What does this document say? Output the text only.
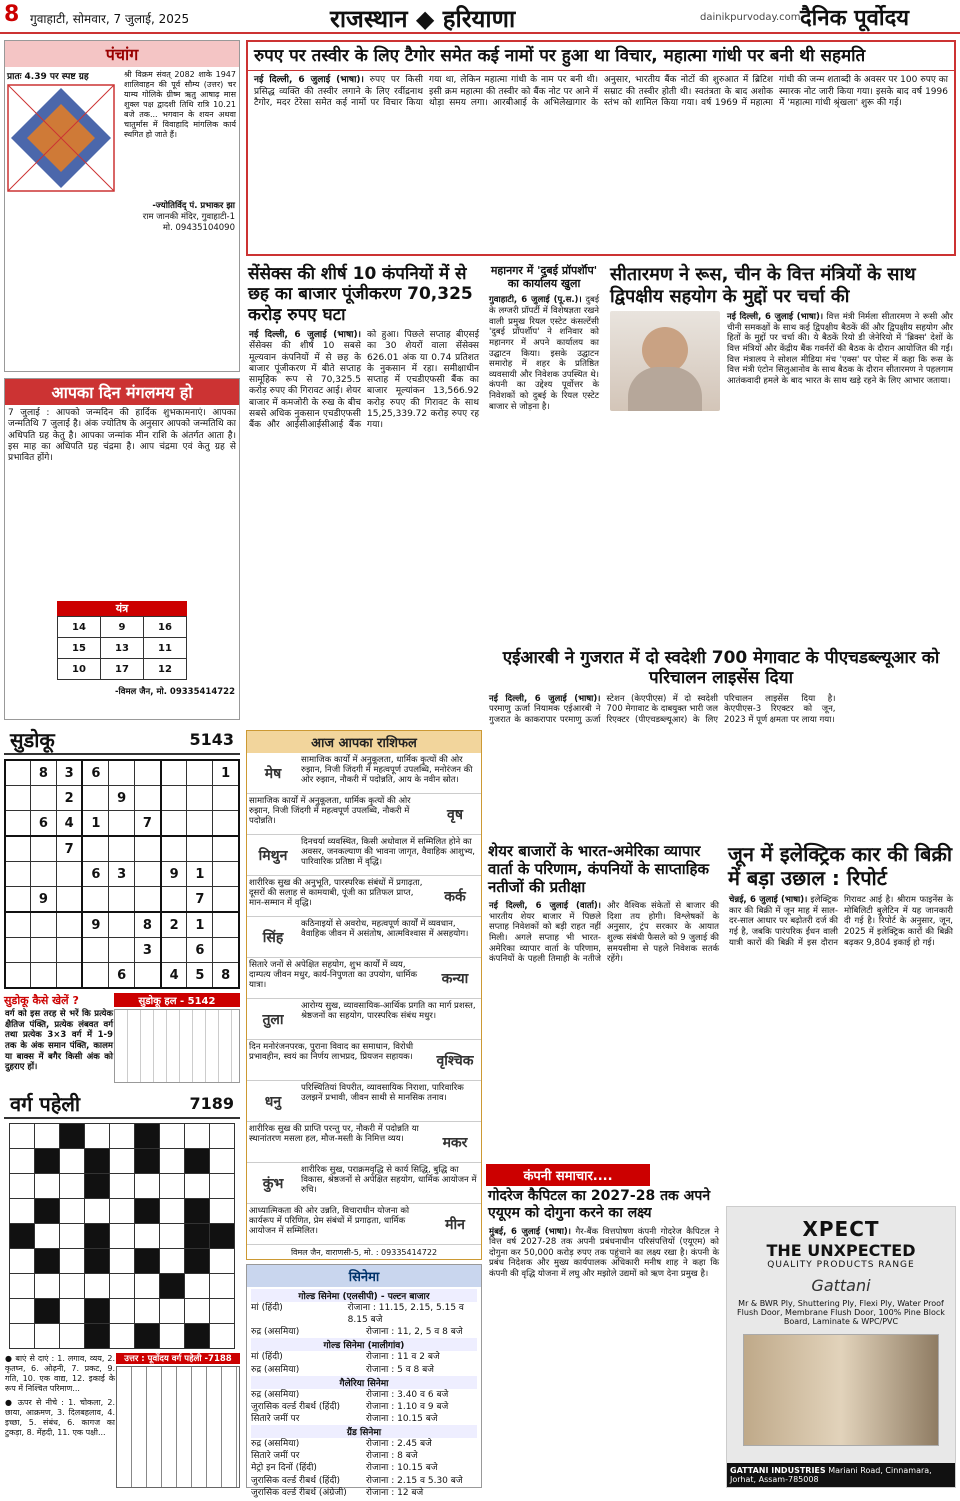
8 गुवाहाटी, सोमवार, 7 जुलाई, 2025	राजस्थान ◆ हरियाणा	dainikpurvoday.com दैनिक पूर्वोदय
पंचांग
प्रातः 4.39 पर स्पष्ट ग्रह	श्री विक्रम संवत् 2082 शाके 1947 शालिवाहन की पूर्व सौम्य (उत्तर) चर याम्य गोलिके ग्रीष्म ऋतु आषाढ़ मास शुक्ल पक्ष द्वादशी तिथि रात्रि 10.21 बजे तक... भगवान के शयन अथवा चातुर्मास में विवाहादि मांगलिक कार्य स्थगित हो जाते हैं।
-ज्योतिर्विद् पं. प्रभाकर झा
राम जानकी मंदिर, गुवाहाटी-1
मो. 09435104090
आपका दिन मंगलमय हो
7 जुलाई : आपको जन्मदिन की हार्दिक शुभकामनाएं। आपका जन्मतिथि 7 जुलाई है। अंक ज्योतिष के अनुसार आपको जन्मतिथि का अधिपति ग्रह केतु है। आपका जन्मांक मीन राशि के अंतर्गत आता है। इस माह का अधिपति ग्रह चंद्रमा है। आप चंद्रमा एवं केतु ग्रह से प्रभावित होंगे।
यंत्र
14	9	16
15	13	11
10	17	12
-विमल जैन, मो. 09335414722
सुडोकू	5143
	8	3	6					1
		2		9				
	6	4	1		7			
		7						
			6	3		9	1	
	9						7	
			9		8	2	1	
					3		6	
				6		4	5	8
सुडोकू कैसे खेलें ?
वर्ग को इस तरह से भरें कि प्रत्येक क्षैतिज पंक्ति, प्रत्येक लंबवत वर्ग तथा प्रत्येक 3×3 वर्ग में 1-9 तक के अंक समान पंक्ति, कालम या बाक्स में बगैर किसी अंक को दुहराए हों।
सुडोकू हल - 5142
वर्ग पहेली	7189

● बाएं से दाएं : 1. लगाव, व्यय, 2. कृतघ्न, 6. ओढ़नी, 7. प्रकट, 9. गति, 10. एक वाद्य, 12. इकाई के रूप में निश्चित परिमाण...
● ऊपर से नीचे : 1. चोकला, 2. छाया, आक्रमण, 3. दिलबहलाव, 4. इच्छा, 5. संबंध, 6. कागज का टुकड़ा, 8. मेंहदी, 11. एक पक्षी...
उत्तर : पूर्वोदय वर्ग पहेली -7188
रुपए पर तस्वीर के लिए टैगोर समेत कई नामों पर हुआ था विचार, महात्मा गांधी पर बनी थी सहमति
नई दिल्ली, 6 जुलाई (भाषा)। रुपए पर किसी प्रसिद्ध व्यक्ति की तस्वीर लगाने के लिए रवींद्रनाथ टैगोर, मदर टेरेसा समेत कई नामों पर विचार किया गया था, लेकिन महात्मा गांधी के नाम पर बनी थी। इसी क्रम महात्मा की तस्वीर को बैंक नोट पर आने में थोड़ा समय लगा। आरबीआई के अभिलेखागार के अनुसार, भारतीय बैंक नोटों की शुरुआत में ब्रिटिश सम्राट की तस्वीर होती थी। स्वतंत्रता के बाद अशोक स्तंभ को शामिल किया गया। वर्ष 1969 में महात्मा गांधी की जन्म शताब्दी के अवसर पर 100 रुपए का स्मारक नोट जारी किया गया। इसके बाद वर्ष 1996 में 'महात्मा गांधी श्रृंखला' शुरू की गई।
सेंसेक्स की शीर्ष 10 कंपनियों में से छह का बाजार पूंजीकरण 70,325 करोड़ रुपए घटा
नई दिल्ली, 6 जुलाई (भाषा)। सेंसेक्स की शीर्ष 10 सबसे मूल्यवान कंपनियों में से छह के बाजार पूंजीकरण में बीते सप्ताह सामूहिक रूप से 70,325.5 करोड़ रुपए की गिरावट आई। शेयर बाजार में कमजोरी के रुख के बीच सबसे अधिक नुकसान एचडीएफसी बैंक और आईसीआईसीआई बैंक को हुआ। पिछले सप्ताह बीएसई का 30 शेयरों वाला सेंसेक्स 626.01 अंक या 0.74 प्रतिशत के नुकसान में रहा। समीक्षाधीन सप्ताह में एचडीएफसी बैंक का बाजार मूल्यांकन 13,566.92 करोड़ रुपए की गिरावट के साथ 15,25,339.72 करोड़ रुपए रह गया।
महानगर में 'दुबई प्रॉपर्शॉप' का कार्यालय खुला
गुवाहाटी, 6 जुलाई (पू.स.)। दुबई के लग्जरी प्रॉपर्टी में विशेषज्ञता रखने वाली प्रमुख रियल एस्टेट कंसल्टेंसी 'दुबई प्रॉपर्शॉप' ने शनिवार को महानगर में अपने कार्यालय का उद्घाटन किया। इसके उद्घाटन समारोह में शहर के प्रतिष्ठित व्यवसायी और निवेशक उपस्थित थे। कंपनी का उद्देश्य पूर्वोत्तर के निवेशकों को दुबई के रियल एस्टेट बाजार से जोड़ना है।
सीतारमण ने रूस, चीन के वित्त मंत्रियों के साथ द्विपक्षीय सहयोग के मुद्दों पर चर्चा की
नई दिल्ली, 6 जुलाई (भाषा)। वित्त मंत्री निर्मला सीतारमण ने रूसी और चीनी समकक्षों के साथ कई द्विपक्षीय बैठकें कीं और द्विपक्षीय सहयोग और हितों के मुद्दों पर चर्चा की। ये बैठकें रियो डी जेनेरियो में 'ब्रिक्स' देशों के वित्त मंत्रियों और केंद्रीय बैंक गवर्नरों की बैठक के दौरान आयोजित की गईं। वित्त मंत्रालय ने सोशल मीडिया मंच 'एक्स' पर पोस्ट में कहा कि रूस के वित्त मंत्री एंटोन सिलुआनोव के साथ बैठक के दौरान सीतारमण ने पहलगाम आतंकवादी हमले के बाद भारत के साथ खड़े रहने के लिए आभार जताया।
आज आपका राशिफल
मेष
सामाजिक कार्यों में अनुकूलता, धार्मिक कृत्यों की ओर रुझान, निजी जिंदगी में महत्वपूर्ण उपलब्धि, मनोरंजन की ओर रुझान, नौकरी में पदोन्नति, आय के नवीन स्रोत।
सामाजिक कार्यों में अनुकूलता, धार्मिक कृत्यों की ओर रुझान, निजी जिंदगी में महत्वपूर्ण उपलब्धि, नौकरी में पदोन्नति।	वृष
मिथुन
दिनचर्या व्यवस्थित, किसी अधोवाल में सम्मिलित होने का अवसर, जनकल्याण की भावना जागृत, वैवाहिक आशुभ्य, पारिवारिक प्रतिष्ठा में वृद्धि।
शारीरिक सुख की अनुभूति, पारस्परिक संबंधों में प्रगाढ़ता, दूसरों की सलाह से कामयाबी, पूंजी का प्रतिफल प्राप्त, मान-सम्मान में वृद्धि।	कर्क
सिंह
कठिनाइयों से अवरोध, महत्वपूर्ण कार्यों में व्यवधान, वैवाहिक जीवन में असंतोष, आत्मविश्वास में असहयोग।
सितारे जनों से अपेक्षित सहयोग, शुभ कार्यों में व्यय, दाम्पत्य जीवन मधुर, कार्य-निपुणता का उपयोग, धार्मिक यात्रा।	कन्या
तुला
आरोग्य सुख, व्यावसायिक-आर्थिक प्रगति का मार्ग प्रशस्त, श्रेष्ठजनों का सहयोग, पारस्परिक संबंध मधुर।
दिन मनोरंजनपरक, पुराना विवाद का समाधान, विरोधी प्रभावहीन, स्वयं का निर्णय लाभप्रद, प्रियजन सहायक।	वृश्चिक
धनु
परिस्थितियां विपरीत, व्यावसायिक निराशा, पारिवारिक उलझनें प्रभावी, जीवन साथी से मानसिक तनाव।
शारीरिक सुख की प्राप्ति परन्तु पर, नौकरी में पदोन्नति या स्थानांतरण मसला हल, मौज-मस्ती के निमित्त व्यय।	मकर
कुंभ
शारीरिक सुख, पराक्रमवृद्धि से कार्य सिद्धि, बुद्धि का विकास, श्रेष्ठजनों से अपेक्षित सहयोग, धार्मिक आयोजन में रुचि।
आध्यात्मिकता की ओर उन्नति, विचाराधीन योजना को कार्यरूप में परिणित, प्रेम संबंधों में प्रगाढ़ता, धार्मिक आयोजन में सम्मिलित।	मीन
विमल जैन, वाराणसी-5, मो. : 09335414722
सिनेमा
गोल्ड सिनेमा (एलसीपी) - पल्टन बाजार
मां (हिंदी)	रोजाना : 11.15, 2.15, 5.15 व 8.15 बजे
रुद्र (असमिया)	रोजाना : 11, 2, 5 व 8 बजे
गोल्ड सिनेमा (मालीगांव)
मां (हिंदी)	रोजाना : 11 व 2 बजे
रुद्र (असमिया)	रोजाना : 5 व 8 बजे
गैलेरिया सिनेमा
रुद्र (असमिया)	रोजाना : 3.40 व 6 बजे
जुरासिक वर्ल्ड रीबर्थ (हिंदी)	रोजाना : 1.10 व 9 बजे
सितारे जमीं पर	रोजाना : 10.15 बजे
ग्रैंड सिनेमा
रुद्र (असमिया)	रोजाना : 2.45 बजे
सितारे जमीं पर	रोजाना : 8 बजे
मेट्रो इन दिनों (हिंदी)	रोजाना : 10.15 बजे
जुरासिक वर्ल्ड रीबर्थ (हिंदी)	रोजाना : 2.15 व 5.30 बजे
जुरासिक वर्ल्ड रीबर्थ (अंग्रेजी)	रोजाना : 12 बजे
एईआरबी ने गुजरात में दो स्वदेशी 700 मेगावाट के पीएचडब्ल्यूआर को परिचालन लाइसेंस दिया
नई दिल्ली, 6 जुलाई (भाषा)। परमाणु ऊर्जा नियामक एईआरबी ने गुजरात के काकरापार परमाणु ऊर्जा स्टेशन (केएपीएस) में दो स्वदेशी 700 मेगावाट के दाबयुक्त भारी जल रिएक्टर (पीएचडब्ल्यूआर) के लिए परिचालन लाइसेंस दिया है। केएपीएस-3 रिएक्टर को जून, 2023 में पूर्ण क्षमता पर लाया गया।
शेयर बाजारों के भारत-अमेरिका व्यापार वार्ता के परिणाम, कंपनियों के साप्ताहिक नतीजों की प्रतीक्षा
नई दिल्ली, 6 जुलाई (वार्ता)। भारतीय शेयर बाजार में पिछले सप्ताह निवेशकों को बड़ी राहत नहीं मिली। अगले सप्ताह भी भारत-अमेरिका व्यापार वार्ता के परिणाम, कंपनियों के पहली तिमाही के नतीजे और वैश्विक संकेतों से बाजार की दिशा तय होगी। विश्लेषकों के अनुसार, ट्रंप सरकार के आयात शुल्क संबंधी फैसले को 9 जुलाई की समयसीमा से पहले निवेशक सतर्क रहेंगे।
जून में इलेक्ट्रिक कार की बिक्री में बड़ा उछाल : रिपोर्ट
चेन्नई, 6 जुलाई (भाषा)। इलेक्ट्रिक कार की बिक्री में जून माह में साल-दर-साल आधार पर बढ़ोतरी दर्ज की गई है, जबकि पारंपरिक ईंधन वाली यात्री कारों की बिक्री में इस दौरान गिरावट आई है। श्रीराम फाइनेंस के मोबिलिटी बुलेटिन में यह जानकारी दी गई है। रिपोर्ट के अनुसार, जून, 2025 में इलेक्ट्रिक कारों की बिक्री बढ़कर 9,804 इकाई हो गई।
कंपनी समाचार....
गोदरेज कैपिटल का 2027-28 तक अपने एयूएम को दोगुना करने का लक्ष्य
मुंबई, 6 जुलाई (भाषा)। गैर-बैंक वित्तपोषण कंपनी गोदरेज कैपिटल ने वित्त वर्ष 2027-28 तक अपनी प्रबंधनाधीन परिसंपत्तियों (एयूएम) को दोगुना कर 50,000 करोड़ रुपए तक पहुंचाने का लक्ष्य रखा है। कंपनी के प्रबंध निदेशक और मुख्य कार्यपालक अधिकारी मनीष शाह ने कहा कि कंपनी की वृद्धि योजना में लघु और मझोले उद्यमों को ऋण देना प्रमुख है।
XPECT
THE UNXPECTED
QUALITY PRODUCTS RANGE
Gattani
Mr & BWR Ply, Shuttering Ply, Flexi Ply, Water Proof Flush Door, Membrane Flush Door, 100% Pine Block Board, Laminate & WPC/PVC
GATTANI INDUSTRIES Mariani Road, Cinnamara, Jorhat, Assam-785008
